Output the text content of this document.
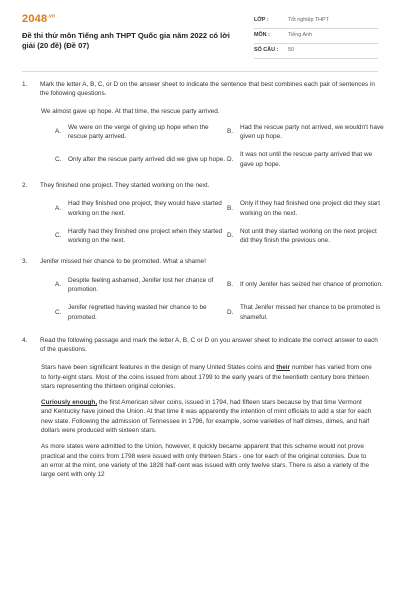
$2048^{.vn}$
Đề thi thử môn Tiếng anh THPT Quốc gia năm 2022 có lời giải (20 đề) (Đề 07)
LỚP :	Tốt nghiệp THPT
MÔN :	Tiếng Anh
SỐ CÂU :	50
1.	Mark the letter A, B, C, or D on the answer sheet to indicate the sentence that best combines each pair of sentences in the following questions.
We almost gave up hope. At that time, the rescue party arrived.
A.
We were on the verge of giving up hope when the rescue party arrived.
B.
Had the rescue party not arrived, we wouldn't have given up hope.
C.	Only after the rescue party arrived did we give up hope. D.
It was not until the rescue party arrived that we gave up hope.
2.	They finished one project. They started working on the next.
A.
Had they finished one project, they would have started working on the next.
B.
Only if they had finished one project did they start working on the next.
C.
Hardly had they finished one project when they started working on the next.
D.
Not until they started working on the next project did they finish the previous one.
3.	Jenifer missed her chance to be promoted. What a shame!
A.
Despite feeling ashamed, Jenifer lost her chance of promotion.
B.	If only Jenifer has seized her chance of promotion.
C.
Jenifer regretted having wasted her chance to be promoted.
D.
That Jenifer missed her chance to be promoted is shameful.
4.	Read the following passage and mark the letter A, B, C or D on you answer sheet to indicate the correct answer to each of the questions.

Stars have been significant features in the design of many United States coins and their number has varied from one to forty-eight stars. Most of the coins issued from about 1799 to the early years of the twentieth century bore thirteen stars representing the thirteen original colonies.

Curiously enough, the first American silver coins, issued in 1794, had fifteen stars because by that time Vermont and Kentucky have joined the Union. At that time it was apparently the intention of mint officials to add a star for each new state. Following the admission of Tennessee in 1796, for example, some varieties of half dimes, dimes, and half dollars were produced with sixteen stars.

As more states were admitted to the Union, however, it quickly became apparent that this scheme would not prove practical and the coins from 1798 were issued with only thirteen Stars - one for each of the original colonies. Due to an error at the mint, one variety of the 1828 half-cent was issued with only twelve stars. There is also a variety of the large cent with only 12
